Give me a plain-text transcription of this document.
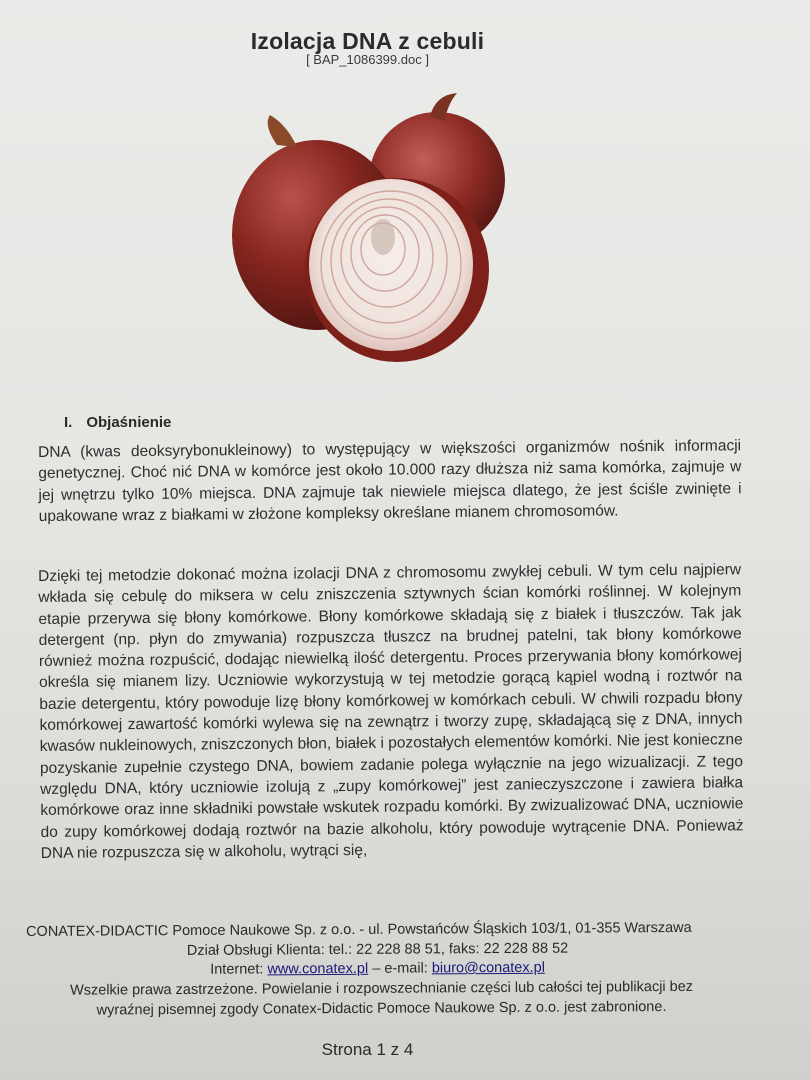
Izolacja DNA z cebuli
[ BAP_1086399.doc ]
I. Objaśnienie

DNA (kwas deoksyrybonukleinowy) to występujący w większości organizmów nośnik informacji genetycznej. Choć nić DNA w komórce jest około 10.000 razy dłuższa niż sama komórka, zajmuje w jej wnętrzu tylko 10% miejsca. DNA zajmuje tak niewiele miejsca dlatego, że jest ściśle zwinięte i upakowane wraz z białkami w złożone kompleksy określane mianem chromosomów.

Dzięki tej metodzie dokonać można izolacji DNA z chromosomu zwykłej cebuli. W tym celu najpierw wkłada się cebulę do miksera w celu zniszczenia sztywnych ścian komórki roślinnej. W kolejnym etapie przerywa się błony komórkowe. Błony komórkowe składają się z białek i tłuszczów. Tak jak detergent (np. płyn do zmywania) rozpuszcza tłuszcz na brudnej patelni, tak błony komórkowe również można rozpuścić, dodając niewielką ilość detergentu. Proces przerywania błony komórkowej określa się mianem lizy. Uczniowie wykorzystują w tej metodzie gorącą kąpiel wodną i roztwór na bazie detergentu, który powoduje lizę błony komórkowej w komórkach cebuli. W chwili rozpadu błony komórkowej zawartość komórki wylewa się na zewnątrz i tworzy zupę, składającą się z DNA, innych kwasów nukleinowych, zniszczonych błon, białek i pozostałych elementów komórki. Nie jest konieczne pozyskanie zupełnie czystego DNA, bowiem zadanie polega wyłącznie na jego wizualizacji. Z tego względu DNA, który uczniowie izolują z „zupy komórkowej” jest zanieczyszczone i zawiera białka komórkowe oraz inne składniki powstałe wskutek rozpadu komórki. By zwizualizować DNA, uczniowie do zupy komórkowej dodają roztwór na bazie alkoholu, który powoduje wytrącenie DNA. Ponieważ DNA nie rozpuszcza się w alkoholu, wytrąci się,

CONATEX-DIDACTIC Pomoce Naukowe Sp. z o.o. - ul. Powstańców Śląskich 103/1, 01-355 Warszawa
Dział Obsługi Klienta: tel.: 22 228 88 51, faks: 22 228 88 52
Internet: www.conatex.pl – e-mail: biuro@conatex.pl
Wszelkie prawa zastrzeżone. Powielanie i rozpowszechnianie części lub całości tej publikacji bez
wyraźnej pisemnej zgody Conatex-Didactic Pomoce Naukowe Sp. z o.o. jest zabronione.
Strona 1 z 4
